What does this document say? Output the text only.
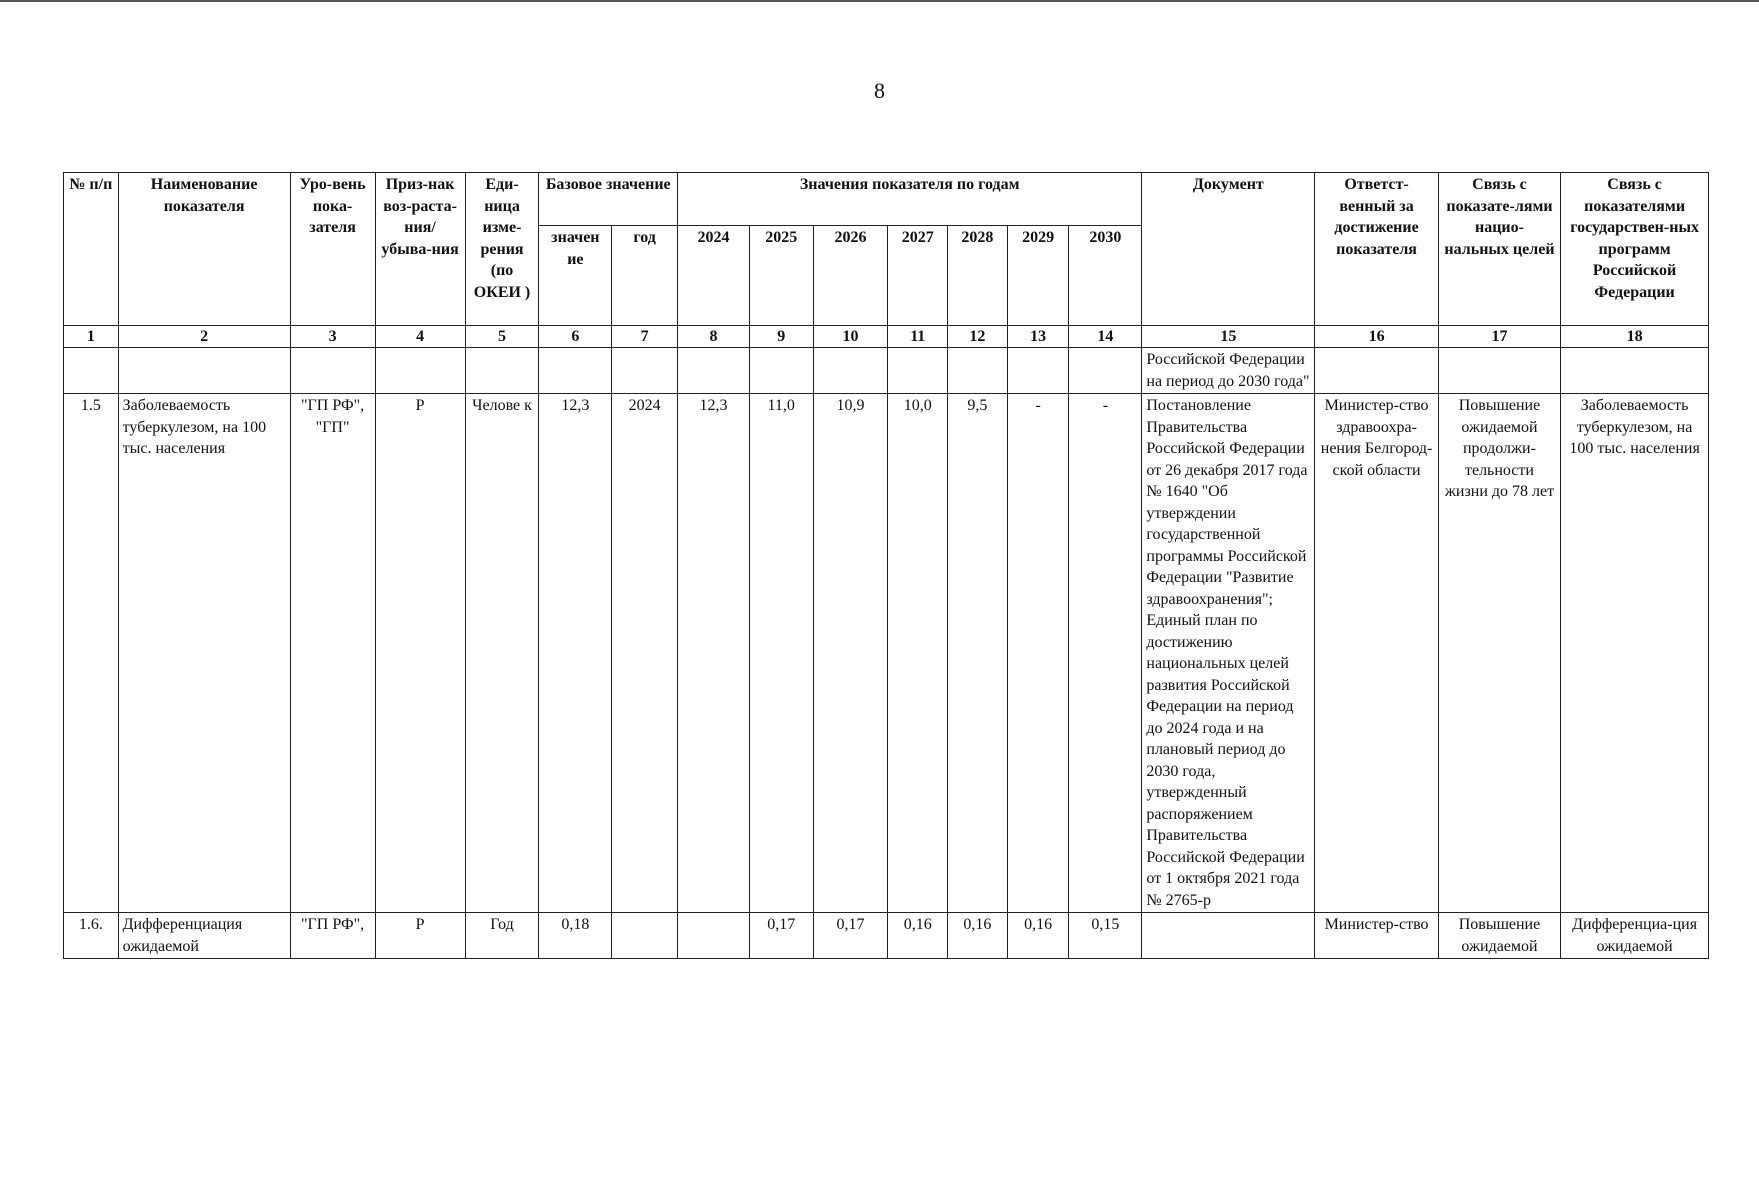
8
№ п/п	Наименование показателя	Уро-вень пока-зателя	Приз-нак воз-раста-ния/ убыва-ния	Еди-ница изме-рения (по ОКЕИ )	Базовое значение		Значения показателя по годам							Документ	Ответст-венный за достижение показателя	Связь с показате-лями нацио-нальных целей	Связь с показателями государствен-ных программ Российской Федерации
					значен ие	год	2024	2025	2026	2027	2028	2029	2030				
1	2	3	4	5	6	7	8	9	10	11	12	13	14	15	16	17	18
														Российской Федерации на период до 2030 года"			
1.5	Заболеваемость туберкулезом, на 100 тыс. населения	"ГП РФ", "ГП"	Р	Челове к	12,3	2024	12,3	11,0	10,9	10,0	9,5	-	-	Постановление Правительства Российской Федерации от 26 декабря 2017 года № 1640 "Об утверждении государственной программы Российской Федерации "Развитие здравоохранения"; Единый план по достижению национальных целей развития Российской Федерации на период до 2024 года и на плановый период до 2030 года, утвержденный распоряжением Правительства Российской Федерации от 1 октября 2021 года № 2765-р	Министер-ство здравоохра-нения Белгород-ской области	Повышение ожидаемой продолжи-тельности жизни до 78 лет	Заболеваемость туберкулезом, на 100 тыс. населения
1.6.	Дифференциация ожидаемой	"ГП РФ",	Р	Год	0,18			0,17	0,17	0,16	0,16	0,16	0,15		Министер-ство	Повышение ожидаемой	Дифференциа-ция ожидаемой
